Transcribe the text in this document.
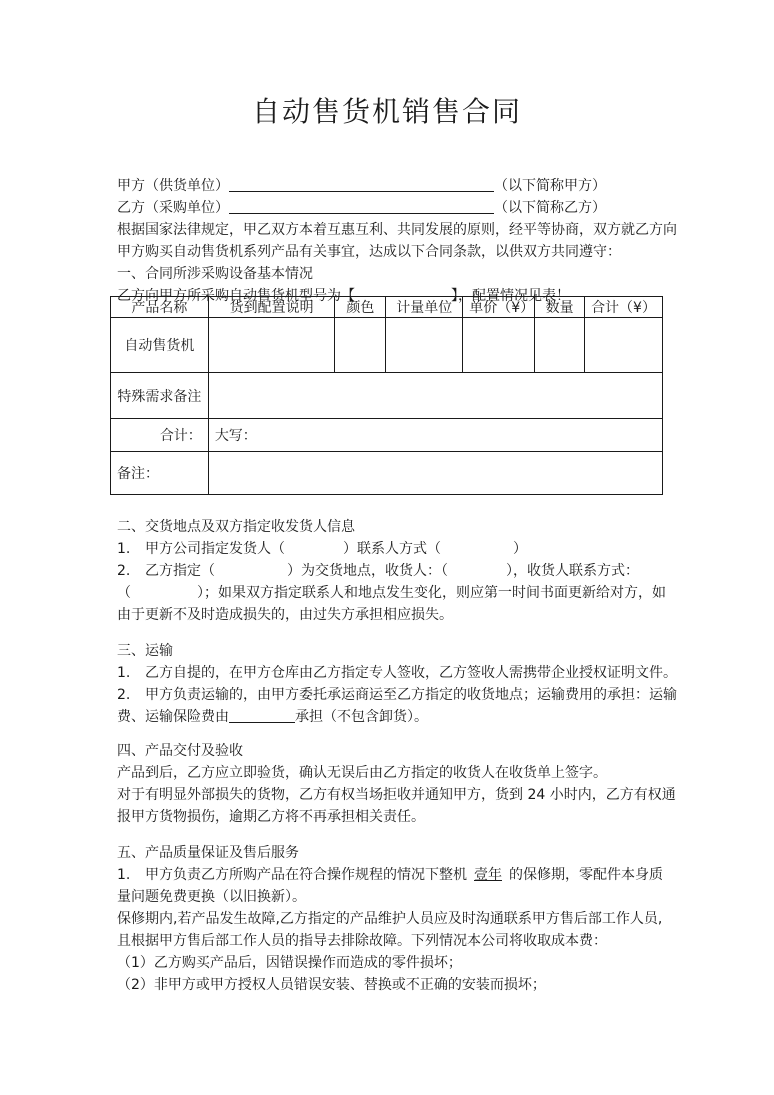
自动售货机销售合同
甲方（供货单位）	（以下简称甲方）
乙方（采购单位）	（以下简称乙方）
根据国家法律规定，甲乙双方本着互惠互利、共同发展的原则，经平等协商，双方就乙方向
甲方购买自动售货机系列产品有关事宜，达成以下合同条款，以供双方共同遵守：
一、合同所涉采购设备基本情况
乙方向甲方所采购自动售货机型号为【	】，配置情况见表！
产品名称	货到配置说明	颜色	计量单位	单价（¥）	数量	合计（¥）
自动售货机						
特殊需求备注						
合计：	大写：					
备注：						
二、交货地点及双方指定收发货人信息
1. 甲方公司指定发货人（	）联系人方式（	）
2. 乙方指定（	）为交货地点，收货人：（	），收货人联系方式：
（	）；如果双方指定联系人和地点发生变化，则应第一时间书面更新给对方，如
由于更新不及时造成损失的，由过失方承担相应损失。
三、运输
1. 乙方自提的，在甲方仓库由乙方指定专人签收，乙方签收人需携带企业授权证明文件。
2. 甲方负责运输的，由甲方委托承运商运至乙方指定的收货地点；运输费用的承担：运输
费、运输保险费由	承担（不包含卸货）。
四、产品交付及验收
产品到后，乙方应立即验货，确认无误后由乙方指定的收货人在收货单上签字。
对于有明显外部损失的货物，乙方有权当场拒收并通知甲方，货到 24 小时内，乙方有权通
报甲方货物损伤，逾期乙方将不再承担相关责任。
五、产品质量保证及售后服务
1. 甲方负责乙方所购产品在符合操作规程的情况下整机 壹年 的保修期，零配件本身质
量问题免费更换（以旧换新）。
保修期内,若产品发生故障,乙方指定的产品维护人员应及时沟通联系甲方售后部工作人员,
且根据甲方售后部工作人员的指导去排除故障。下列情况本公司将收取成本费：
（1）乙方购买产品后，因错误操作而造成的零件损坏；
（2）非甲方或甲方授权人员错误安装、替换或不正确的安装而损坏；
